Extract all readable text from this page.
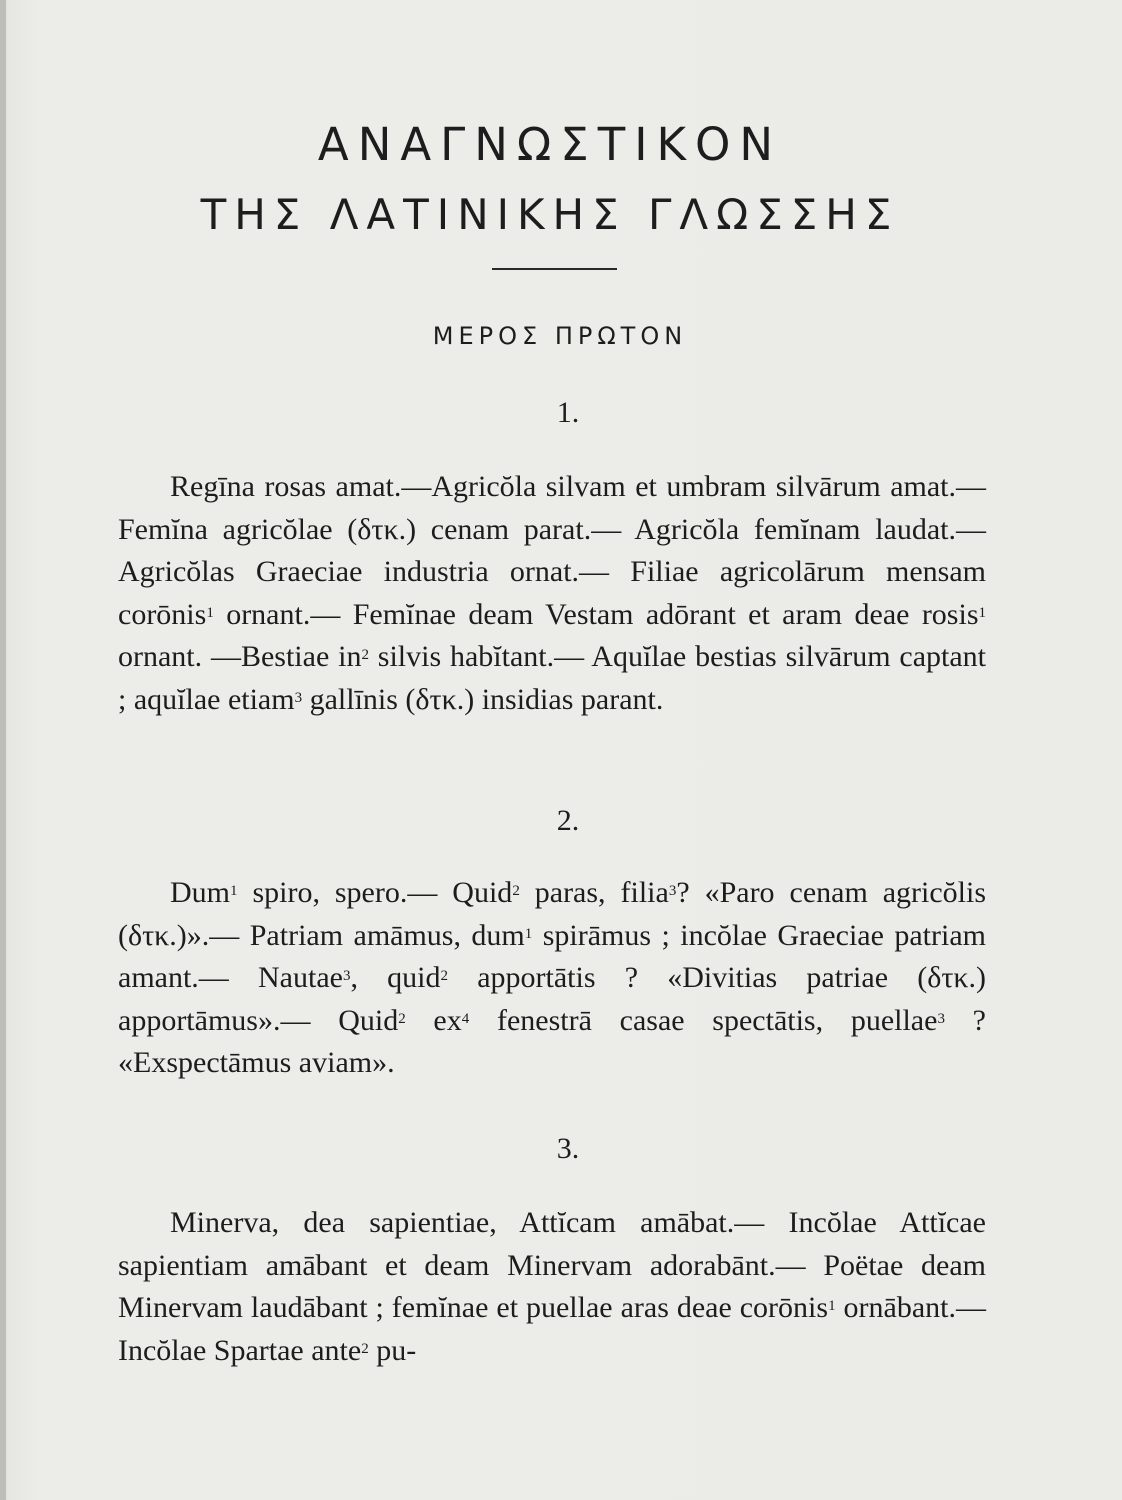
ΑΝΑΓΝΩΣΤΙΚΟΝ
ΤΗΣ ΛΑΤΙΝΙΚΗΣ ΓΛΩΣΣΗΣ
ΜΕΡΟΣ ΠΡΩΤΟΝ
1.

Regīna rosas amat.—Agricŏla silvam et umbram silvārum amat.— Femĭna agricŏlae (δτκ.) cenam parat.— Agricŏla femĭnam laudat.— Agricŏlas Graeciae industria ornat.— Filiae agricolārum mensam corōnis$^1$ ornant.— Femĭnae deam Vestam adōrant et aram deae rosis$^1$ ornant. —Bestiae $in^2$ silvis habĭtant.— Aquĭlae bestias silvārum captant ; aquĭlae etiam$^3$ gallīnis (δτκ.) insidias parant.

2.

Dum$^1$ spiro, spero.— Quid$^2$ paras, filia$^3$? «Paro cenam agricŏlis (δτκ.)».— Patriam amāmus, dum$^1$ spirāmus ; incŏlae Graeciae patriam amant.— Nautae$^3$, quid$^2$ apportātis ? «Divitias patriae (δτκ.) apportāmus».— Quid$^2$ $ex^4$ fenestrā casae spectātis, puellae$^3$ ? «Exspectāmus aviam».

3.

Minerva, dea sapientiae, Attĭcam amābat.— Incŏlae Attĭcae sapientiam amābant et deam Minervam adorabānt.— Poëtae deam Minervam laudābant ; femĭnae et puellae aras deae corōnis$^1$ ornābant.— Incŏlae Spartae ante$^2$ pu-
